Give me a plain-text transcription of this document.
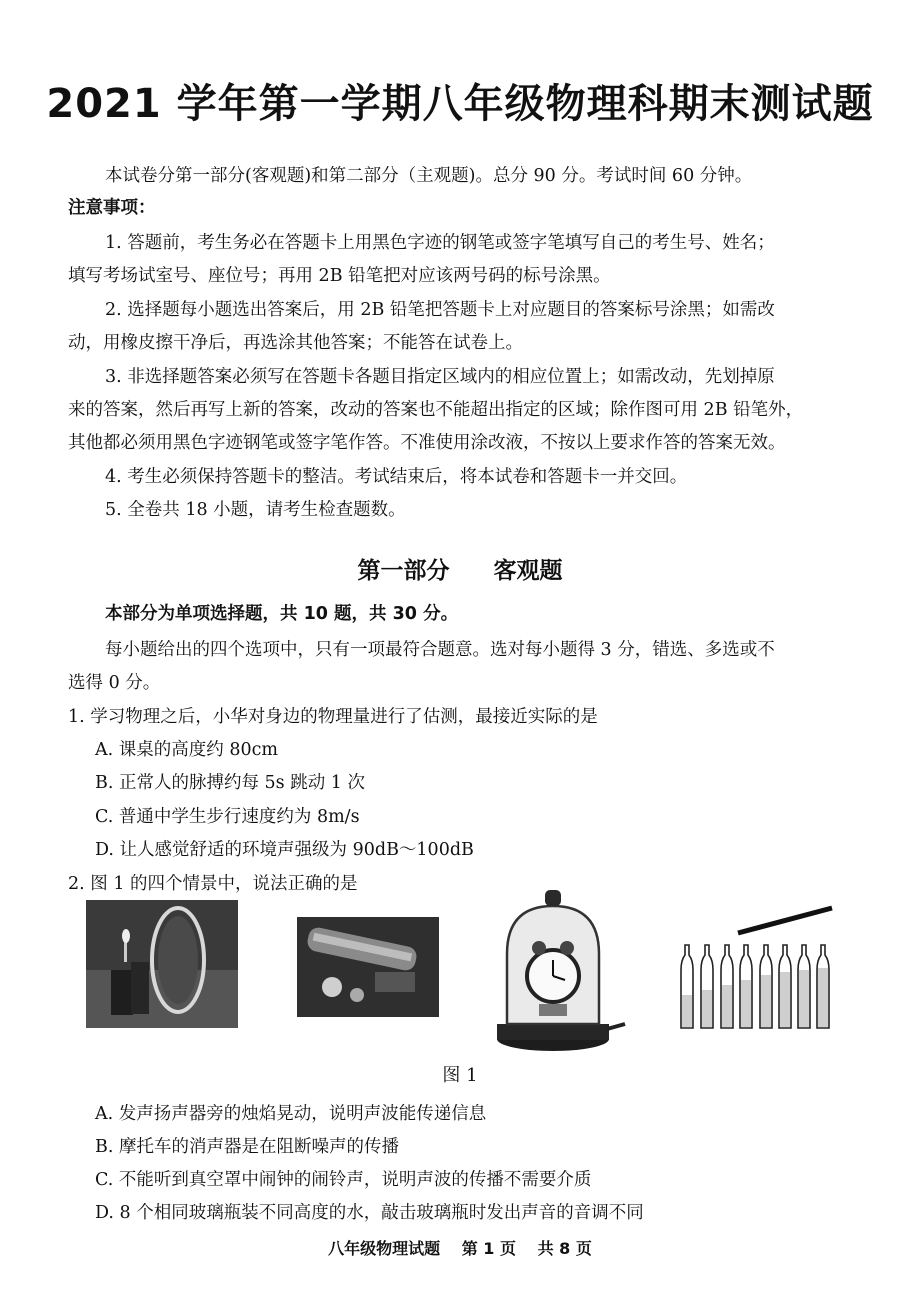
2021 学年第一学期八年级物理科期末测试题
本试卷分第一部分(客观题)和第二部分（主观题)。总分 90 分。考试时间 60 分钟。
注意事项：
1. 答题前，考生务必在答题卡上用黑色字迹的钢笔或签字笔填写自己的考生号、姓名；
填写考场试室号、座位号；再用 2B 铅笔把对应该两号码的标号涂黑。
2. 选择题每小题选出答案后，用 2B 铅笔把答题卡上对应题目的答案标号涂黑；如需改
动，用橡皮擦干净后，再选涂其他答案；不能答在试卷上。
3. 非选择题答案必须写在答题卡各题目指定区域内的相应位置上；如需改动，先划掉原
来的答案，然后再写上新的答案，改动的答案也不能超出指定的区域；除作图可用 2B 铅笔外，
其他都必须用黑色字迹钢笔或签字笔作答。不准使用涂改液，不按以上要求作答的答案无效。
4. 考生必须保持答题卡的整洁。考试结束后，将本试卷和答题卡一并交回。
5. 全卷共 18 小题，请考生检查题数。
第一部分 客观题
本部分为单项选择题，共 10 题，共 30 分。
每小题给出的四个选项中，只有一项最符合题意。选对每小题得 3 分，错选、多选或不
选得 0 分。
1. 学习物理之后，小华对身边的物理量进行了估测，最接近实际的是
A. 课桌的高度约 80cm
B. 正常人的脉搏约每 5s 跳动 1 次
C. 普通中学生步行速度约为 8m/s
D. 让人感觉舒适的环境声强级为 90dB～100dB
2. 图 1 的四个情景中，说法正确的是
图 1
A. 发声扬声器旁的烛焰晃动，说明声波能传递信息
B. 摩托车的消声器是在阻断噪声的传播
C. 不能听到真空罩中闹钟的闹铃声，说明声波的传播不需要介质
D. 8 个相同玻璃瓶装不同高度的水，敲击玻璃瓶时发出声音的音调不同
八年级物理试题 第 1 页 共 8 页
